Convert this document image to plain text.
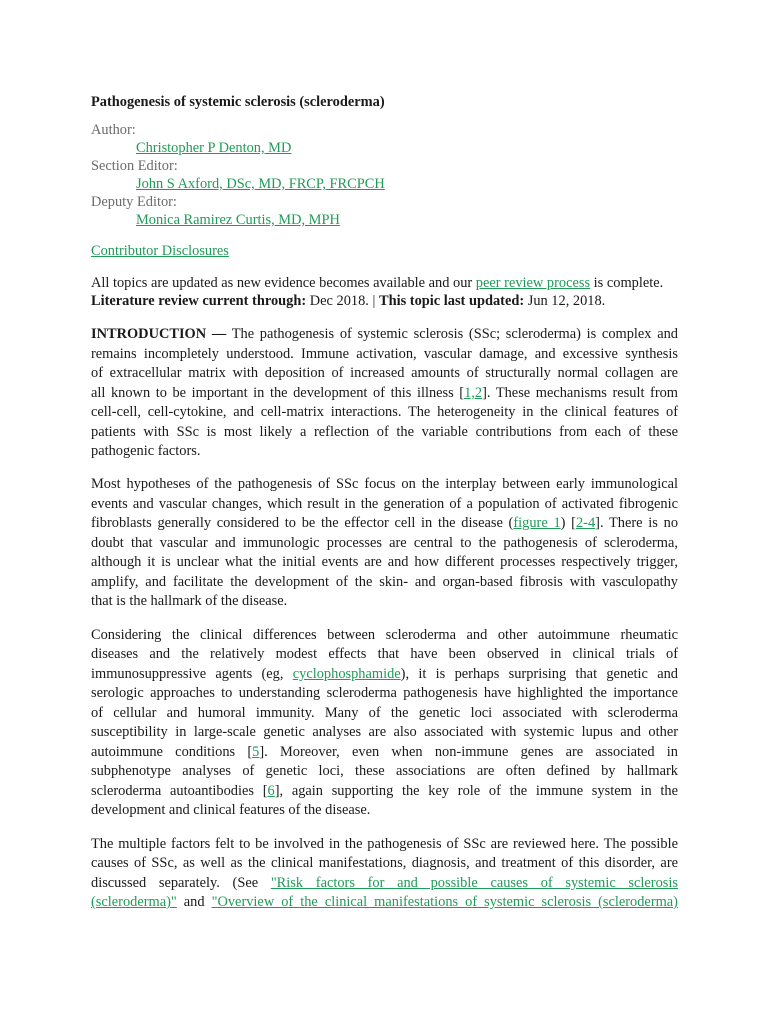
Pathogenesis of systemic sclerosis (scleroderma)
Author:
Christopher P Denton, MD
Section Editor:
John S Axford, DSc, MD, FRCP, FRCPCH
Deputy Editor:
Monica Ramirez Curtis, MD, MPH
Contributor Disclosures
All topics are updated as new evidence becomes available and our peer review process is complete.
Literature review current through: Dec 2018. | This topic last updated: Jun 12, 2018.
INTRODUCTION — The pathogenesis of systemic sclerosis (SSc; scleroderma) is complex and
remains incompletely understood. Immune activation, vascular damage, and excessive synthesis
of extracellular matrix with deposition of increased amounts of structurally normal collagen are
all known to be important in the development of this illness [1,2]. These mechanisms result from
cell-cell, cell-cytokine, and cell-matrix interactions. The heterogeneity in the clinical features of
patients with SSc is most likely a reflection of the variable contributions from each of these
pathogenic factors.
Most hypotheses of the pathogenesis of SSc focus on the interplay between early immunological
events and vascular changes, which result in the generation of a population of activated fibrogenic
fibroblasts generally considered to be the effector cell in the disease (figure 1) [2-4]. There is no
doubt that vascular and immunologic processes are central to the pathogenesis of scleroderma,
although it is unclear what the initial events are and how different processes respectively trigger,
amplify, and facilitate the development of the skin- and organ-based fibrosis with vasculopathy
that is the hallmark of the disease.
Considering the clinical differences between scleroderma and other autoimmune rheumatic
diseases and the relatively modest effects that have been observed in clinical trials of
immunosuppressive agents (eg, cyclophosphamide), it is perhaps surprising that genetic and
serologic approaches to understanding scleroderma pathogenesis have highlighted the importance
of cellular and humoral immunity. Many of the genetic loci associated with scleroderma
susceptibility in large-scale genetic analyses are also associated with systemic lupus and other
autoimmune conditions [5]. Moreover, even when non-immune genes are associated in
subphenotype analyses of genetic loci, these associations are often defined by hallmark
scleroderma autoantibodies [6], again supporting the key role of the immune system in the
development and clinical features of the disease.
The multiple factors felt to be involved in the pathogenesis of SSc are reviewed here. The possible
causes of SSc, as well as the clinical manifestations, diagnosis, and treatment of this disorder, are
discussed separately. (See "Risk factors for and possible causes of systemic sclerosis
(scleroderma)" and "Overview of the clinical manifestations of systemic sclerosis (scleroderma)
